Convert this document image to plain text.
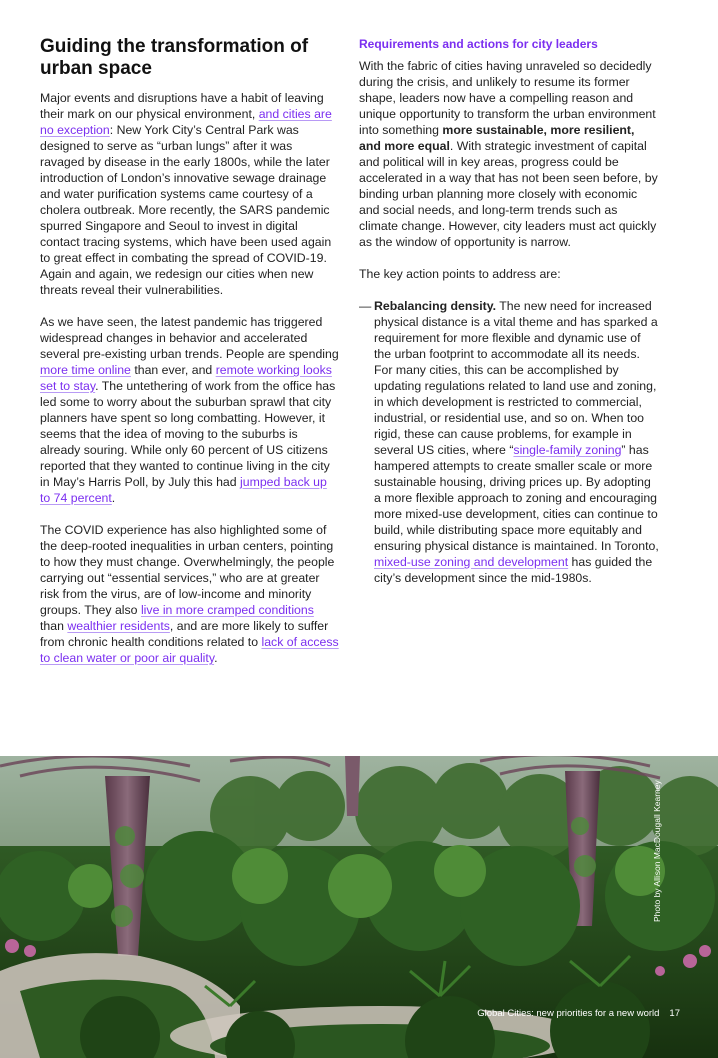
Guiding the transformation of urban space

Major events and disruptions have a habit of leaving their mark on our physical environment, and cities are no exception: New York City’s Central Park was designed to serve as “urban lungs” after it was ravaged by disease in the early 1800s, while the later introduction of London’s innovative sewage drainage and water purification systems came courtesy of a cholera outbreak. More recently, the SARS pandemic spurred Singapore and Seoul to invest in digital contact tracing systems, which have been used again to great effect in combating the spread of COVID-19. Again and again, we redesign our cities when new threats reveal their vulnerabilities.

As we have seen, the latest pandemic has triggered widespread changes in behavior and accelerated several pre-existing urban trends. People are spending more time online than ever, and remote working looks set to stay. The untethering of work from the office has led some to worry about the suburban sprawl that city planners have spent so long combatting. However, it seems that the idea of moving to the suburbs is already souring. While only 60 percent of US citizens reported that they wanted to continue living in the city in May’s Harris Poll, by July this had jumped back up to 74 percent.

The COVID experience has also highlighted some of the deep-rooted inequalities in urban centers, pointing to how they must change. Overwhelmingly, the people carrying out “essential services,” who are at greater risk from the virus, are of low-income and minority groups. They also live in more cramped conditions than wealthier residents, and are more likely to suffer from chronic health conditions related to lack of access to clean water or poor air quality.

Requirements and actions for city leaders

With the fabric of cities having unraveled so decidedly during the crisis, and unlikely to resume its former shape, leaders now have a compelling reason and unique opportunity to transform the urban environment into something more sustainable, more resilient, and more equal. With strategic investment of capital and political will in key areas, progress could be accelerated in a way that has not been seen before, by binding urban planning more closely with economic and social needs, and long-term trends such as climate change. However, city leaders must act quickly as the window of opportunity is narrow.

The key action points to address are:

— Rebalancing density. The new need for increased physical distance is a vital theme and has sparked a requirement for more flexible and dynamic use of the urban footprint to accommodate all its needs. For many cities, this can be accomplished by updating regulations related to land use and zoning, in which development is restricted to commercial, industrial, or residential use, and so on. When too rigid, these can cause problems, for example in several US cities, where “single-family zoning” has hampered attempts to create smaller scale or more sustainable housing, driving prices up. By adopting a more flexible approach to zoning and encouraging more mixed-use development, cities can continue to build, while distributing space more equitably and ensuring physical distance is maintained. In Toronto, mixed-use zoning and development has guided the city’s development since the mid-1980s.
Photo by Allison MacDougall Kearney
Global Cities: new priorities for a new world 17
